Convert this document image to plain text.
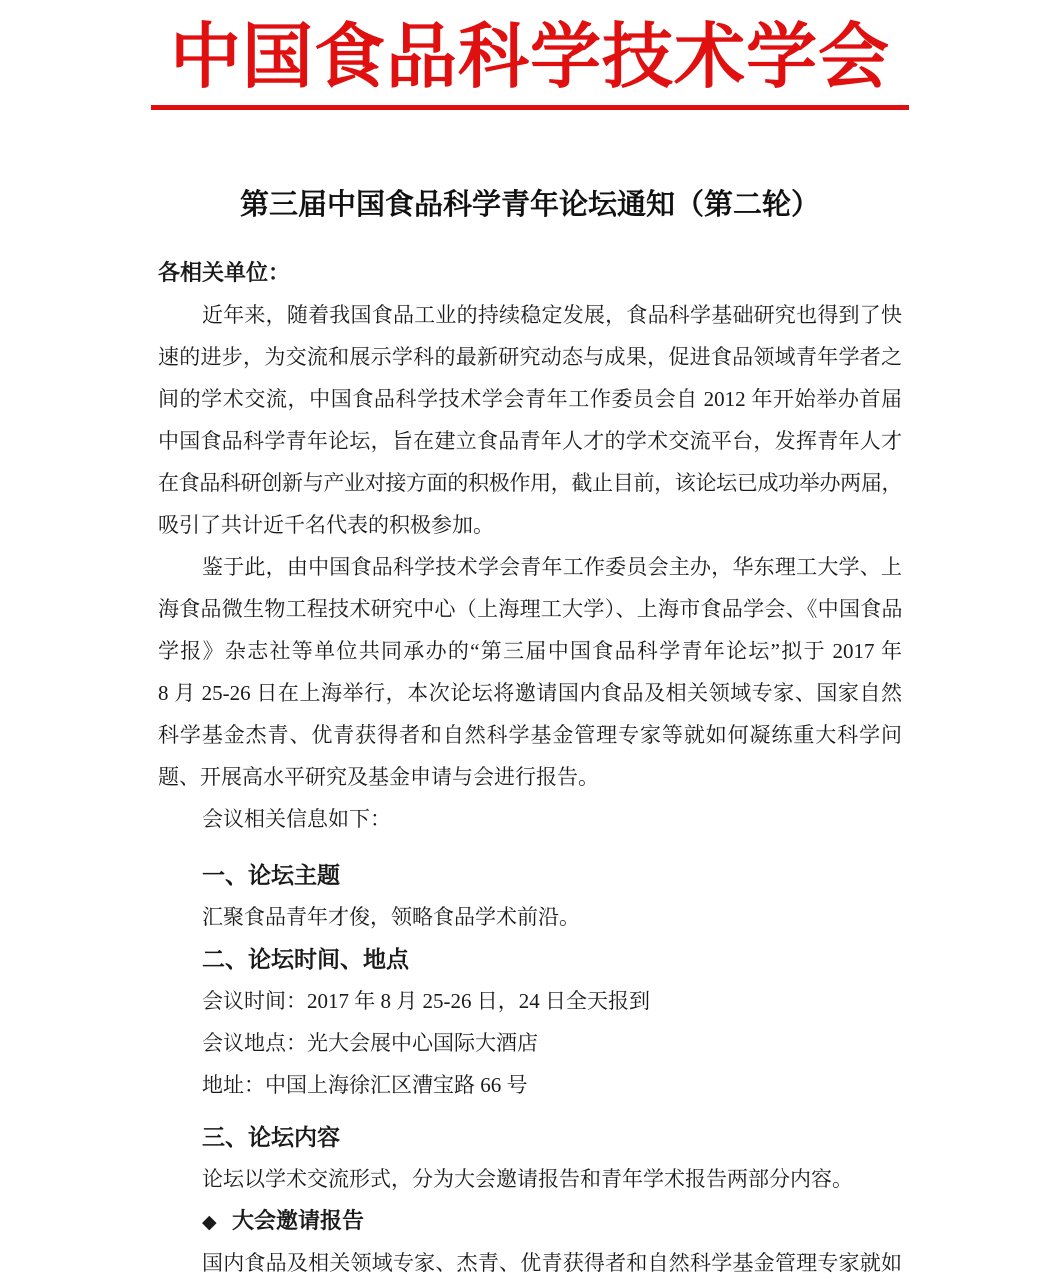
中国食品科学技术学会
第三届中国食品科学青年论坛通知（第二轮）
各相关单位：
近年来，随着我国食品工业的持续稳定发展，食品科学基础研究也得到了快
速的进步，为交流和展示学科的最新研究动态与成果，促进食品领域青年学者之
间的学术交流，中国食品科学技术学会青年工作委员会自 2012 年开始举办首届
中国食品科学青年论坛，旨在建立食品青年人才的学术交流平台，发挥青年人才
在食品科研创新与产业对接方面的积极作用，截止目前，该论坛已成功举办两届，
吸引了共计近千名代表的积极参加。
鉴于此，由中国食品科学技术学会青年工作委员会主办，华东理工大学、上
海食品微生物工程技术研究中心（上海理工大学）、上海市食品学会、《中国食品
学报》杂志社等单位共同承办的“第三届中国食品科学青年论坛”拟于 2017 年
8 月 25-26 日在上海举行，本次论坛将邀请国内食品及相关领域专家、国家自然
科学基金杰青、优青获得者和自然科学基金管理专家等就如何凝练重大科学问
题、开展高水平研究及基金申请与会进行报告。
会议相关信息如下：
一、论坛主题
汇聚食品青年才俊，领略食品学术前沿。
二、论坛时间、地点
会议时间：2017 年 8 月 25-26 日，24 日全天报到
会议地点：光大会展中心国际大酒店
地址：中国上海徐汇区漕宝路 66 号
三、论坛内容
论坛以学术交流形式，分为大会邀请报告和青年学术报告两部分内容。
◆ 大会邀请报告
国内食品及相关领域专家、杰青、优青获得者和自然科学基金管理专家就如
